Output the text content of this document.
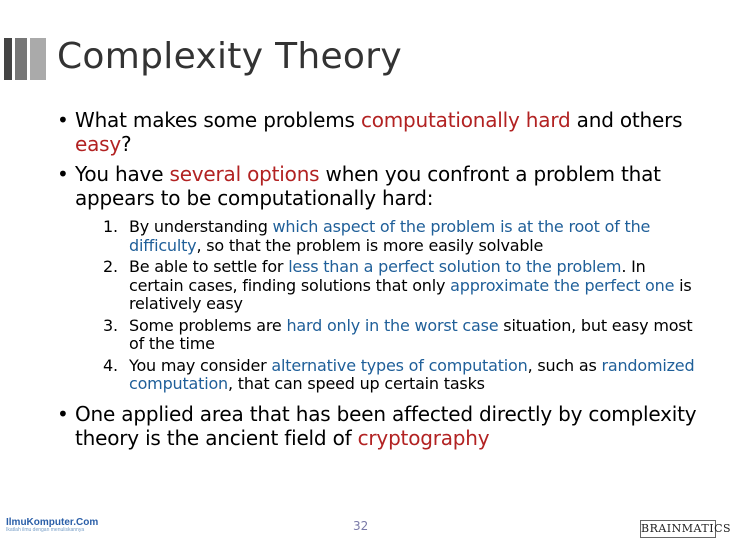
Complexity Theory
• What makes some problems computationally hard and others easy?
• You have several options when you confront a problem that appears to be computationally hard:
1. By understanding which aspect of the problem is at the root of the difficulty, so that the problem is more easily solvable
2. Be able to settle for less than a perfect solution to the problem. In certain cases, finding solutions that only approximate the perfect one is relatively easy
3. Some problems are hard only in the worst case situation, but easy most of the time
4. You may consider alternative types of computation, such as randomized computation, that can speed up certain tasks
• One applied area that has been affected directly by complexity theory is the ancient field of cryptography
IlmuKomputer.Com
Ikatlah ilmu dengan menuliskannya	32	BRAINMATICS
